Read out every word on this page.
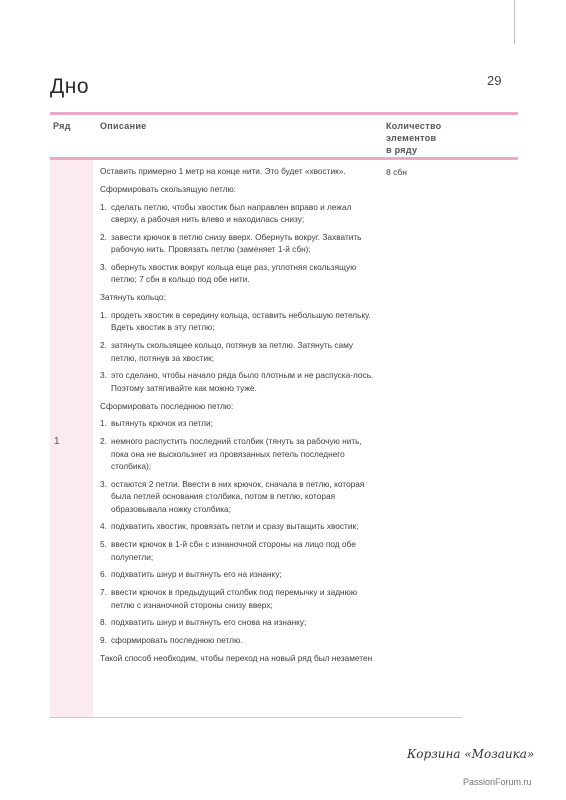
29
Дно
Ряд	Описание	Количество
элементов
в ряду
1

Оставить примерно 1 метр на конце нити. Это будет «хвостик».

Сформировать скользящую петлю:

1. сделать петлю, чтобы хвостик был направлен вправо и лежал сверху, а рабочая нить влево и находилась снизу;

2. завести крючок в петлю снизу вверх. Обернуть вокруг. Захватить рабочую нить. Провязать петлю (заменяет 1-й сбн);

3. обернуть хвостик вокруг кольца еще раз, уплотняя скользящую петлю; 7 сбн в кольцо под обе нити.

Затянуть кольцо:

1. продеть хвостик в середину кольца, оставить небольшую петельку. Вдеть хвостик в эту петлю;

2. затянуть скользящее кольцо, потянув за петлю. Затянуть саму петлю, потянув за хвостик;

3. это сделано, чтобы начало ряда было плотным и не распуска-лось. Поэтому затягивайте как можно туже.

Сформировать последнюю петлю:

1. вытянуть крючок из петли;

2. немного распустить последний столбик (тянуть за рабочую нить, пока она не выскользнет из провязанных петель последнего столбика);

3. остаются 2 петли. Ввести в них крючок, сначала в петлю, которая была петлей основания столбика, потом в петлю, которая образовывала ножку столбика;

4. подхватить хвостик, провязать петли и сразу вытащить хвостик;

5. ввести крючок в 1-й сбн с изнаночной стороны на лицо под обе полупетли;

6. подхватить шнур и вытянуть его на изнанку;

7. ввести крючок в предыдущий столбик под перемычку и заднюю петлю с изнаночной стороны снизу вверх;

8. подхватить шнур и вытянуть его снова на изнанку;

9. сформировать последнюю петлю.

Такой способ необходим, чтобы переход на новый ряд был незаметен

8 сбн
Корзина «Мозаика»
PassionForum.ru
